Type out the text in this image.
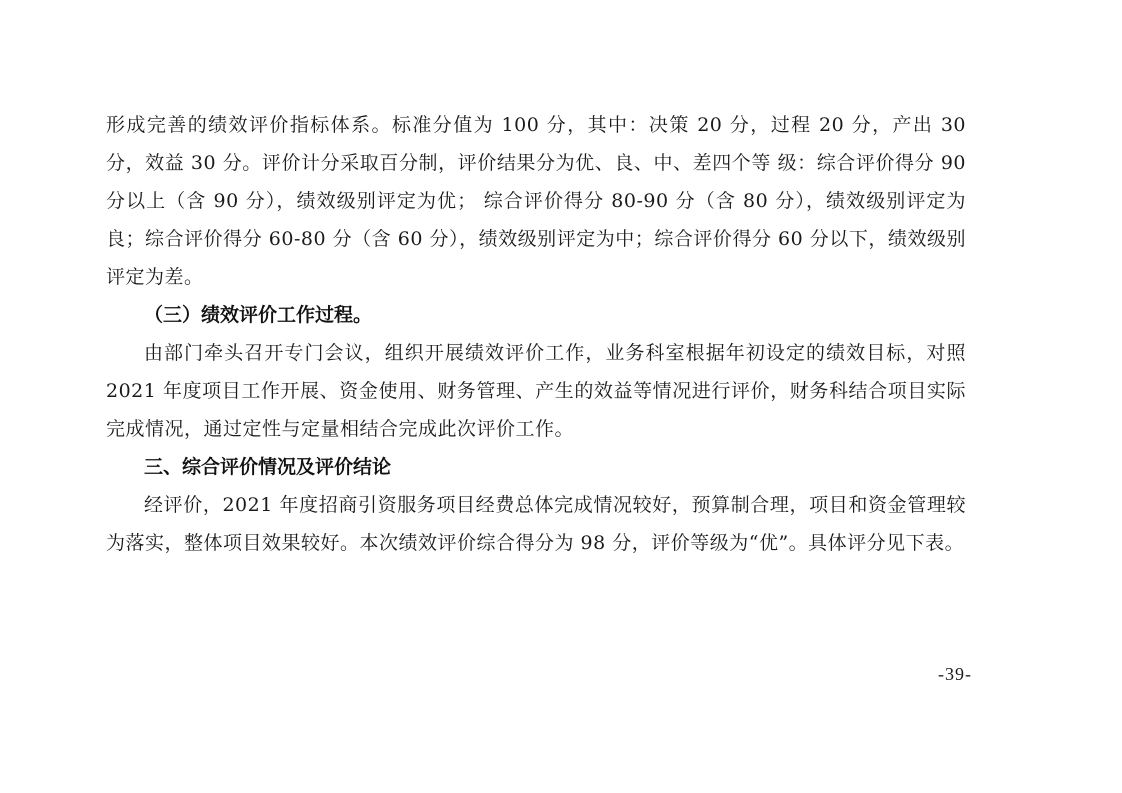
形成完善的绩效评价指标体系。标准分值为 100 分，其中：决策 20 分，过程 20 分，产出 30 分，效益 30 分。评价计分采取百分制，评价结果分为优、良、中、差四个等 级：综合评价得分 90 分以上（含 90 分），绩效级别评定为优； 综合评价得分 80-90 分（含 80 分），绩效级别评定为良；综合评价得分 60-80 分（含 60 分），绩效级别评定为中；综合评价得分 60 分以下，绩效级别评定为差。

（三）绩效评价工作过程。

由部门牵头召开专门会议，组织开展绩效评价工作，业务科室根据年初设定的绩效目标，对照 2021 年度项目工作开展、资金使用、财务管理、产生的效益等情况进行评价，财务科结合项目实际完成情况，通过定性与定量相结合完成此次评价工作。

三、综合评价情况及评价结论

经评价，2021 年度招商引资服务项目经费总体完成情况较好，预算制合理，项目和资金管理较为落实，整体项目效果较好。本次绩效评价综合得分为 98 分，评价等级为“优”。具体评分见下表。

-39-
